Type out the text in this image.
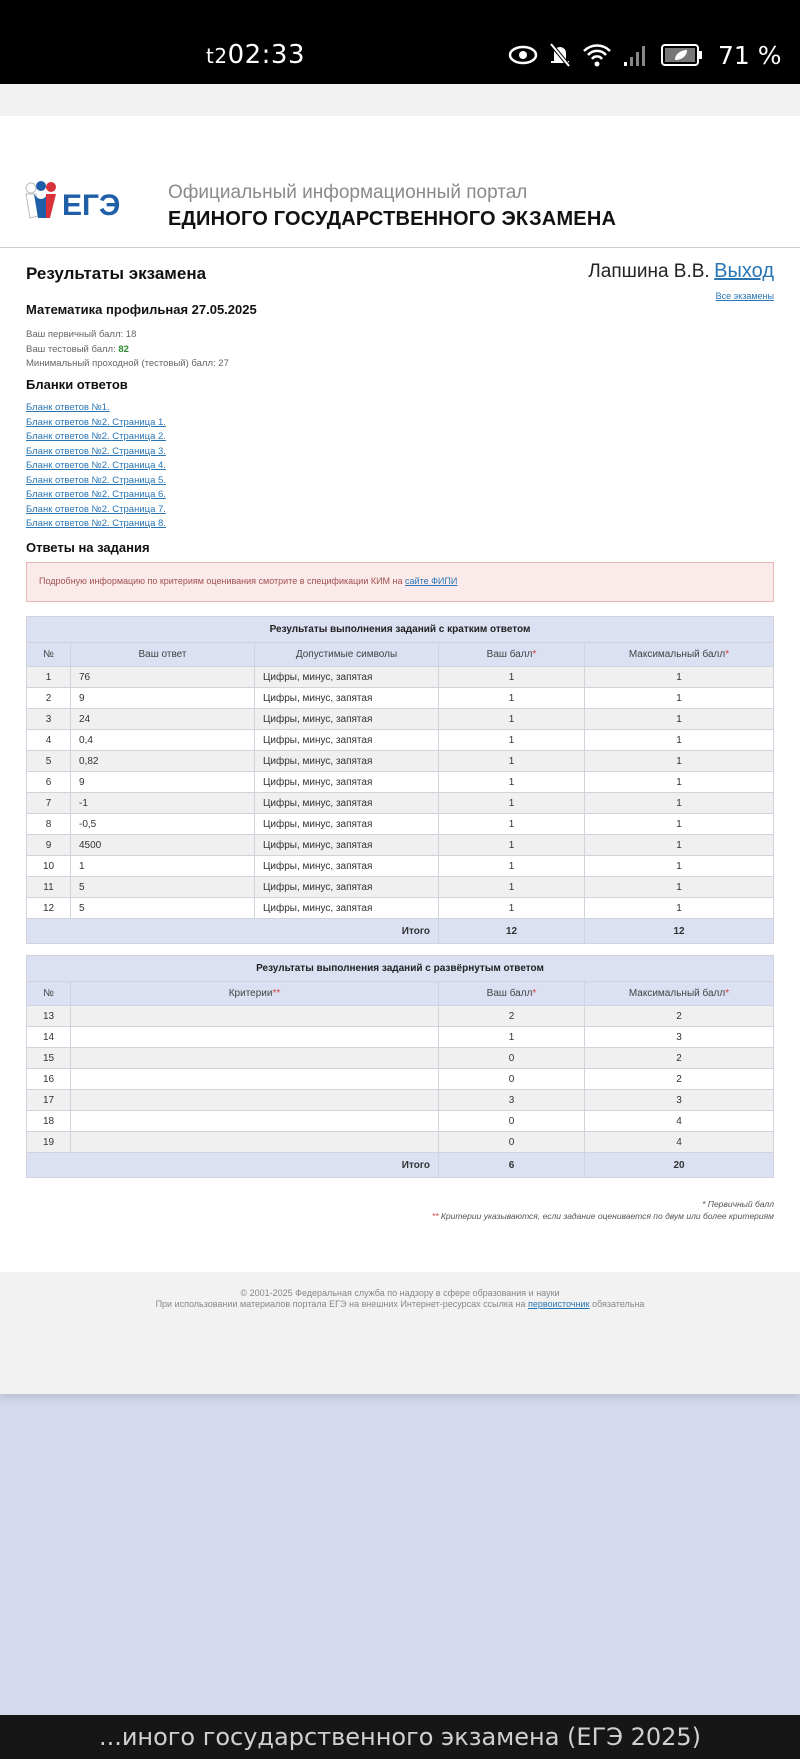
t202:33	71 %
ЕГЭ	Официальный информационный портал
ЕДИНОГО ГОСУДАРСТВЕННОГО ЭКЗАМЕНА
Результаты экзамена	Лапшина В.В. Выход
Все экзамены
Математика профильная 27.05.2025
Ваш первичный балл: 18
Ваш тестовый балл: 82
Минимальный проходной (тестовый) балл: 27
Бланки ответов
Бланк ответов №1.
Бланк ответов №2. Страница 1.
Бланк ответов №2. Страница 2.
Бланк ответов №2. Страница 3.
Бланк ответов №2. Страница 4.
Бланк ответов №2. Страница 5.
Бланк ответов №2. Страница 6.
Бланк ответов №2. Страница 7.
Бланк ответов №2. Страница 8.
Ответы на задания
Подробную информацию по критериям оценивания смотрите в спецификации КИМ на сайте ФИПИ
Результаты выполнения заданий с кратким ответом				
№	Ваш ответ	Допустимые символы	Ваш балл*	Максимальный балл*
1	76	Цифры, минус, запятая	1	1
2	9	Цифры, минус, запятая	1	1
3	24	Цифры, минус, запятая	1	1
4	0,4	Цифры, минус, запятая	1	1
5	0,82	Цифры, минус, запятая	1	1
6	9	Цифры, минус, запятая	1	1
7	-1	Цифры, минус, запятая	1	1
8	-0,5	Цифры, минус, запятая	1	1
9	4500	Цифры, минус, запятая	1	1
10	1	Цифры, минус, запятая	1	1
11	5	Цифры, минус, запятая	1	1
12	5	Цифры, минус, запятая	1	1
Итого			12	12
Результаты выполнения заданий с развёрнутым ответом			
№	Критерии**	Ваш балл*	Максимальный балл*
13		2	2
14		1	3
15		0	2
16		0	2
17		3	3
18		0	4
19		0	4
Итого		6	20
* Первичный балл
** Критерии указываются, если задание оценивается по двум или более критериям
© 2001-2025 Федеральная служба по надзору в сфере образования и науки
При использовании материалов портала ЕГЭ на внешних Интернет-ресурсах ссылка на первоисточник обязательна
...иного государственного экзамена (ЕГЭ 2025)
